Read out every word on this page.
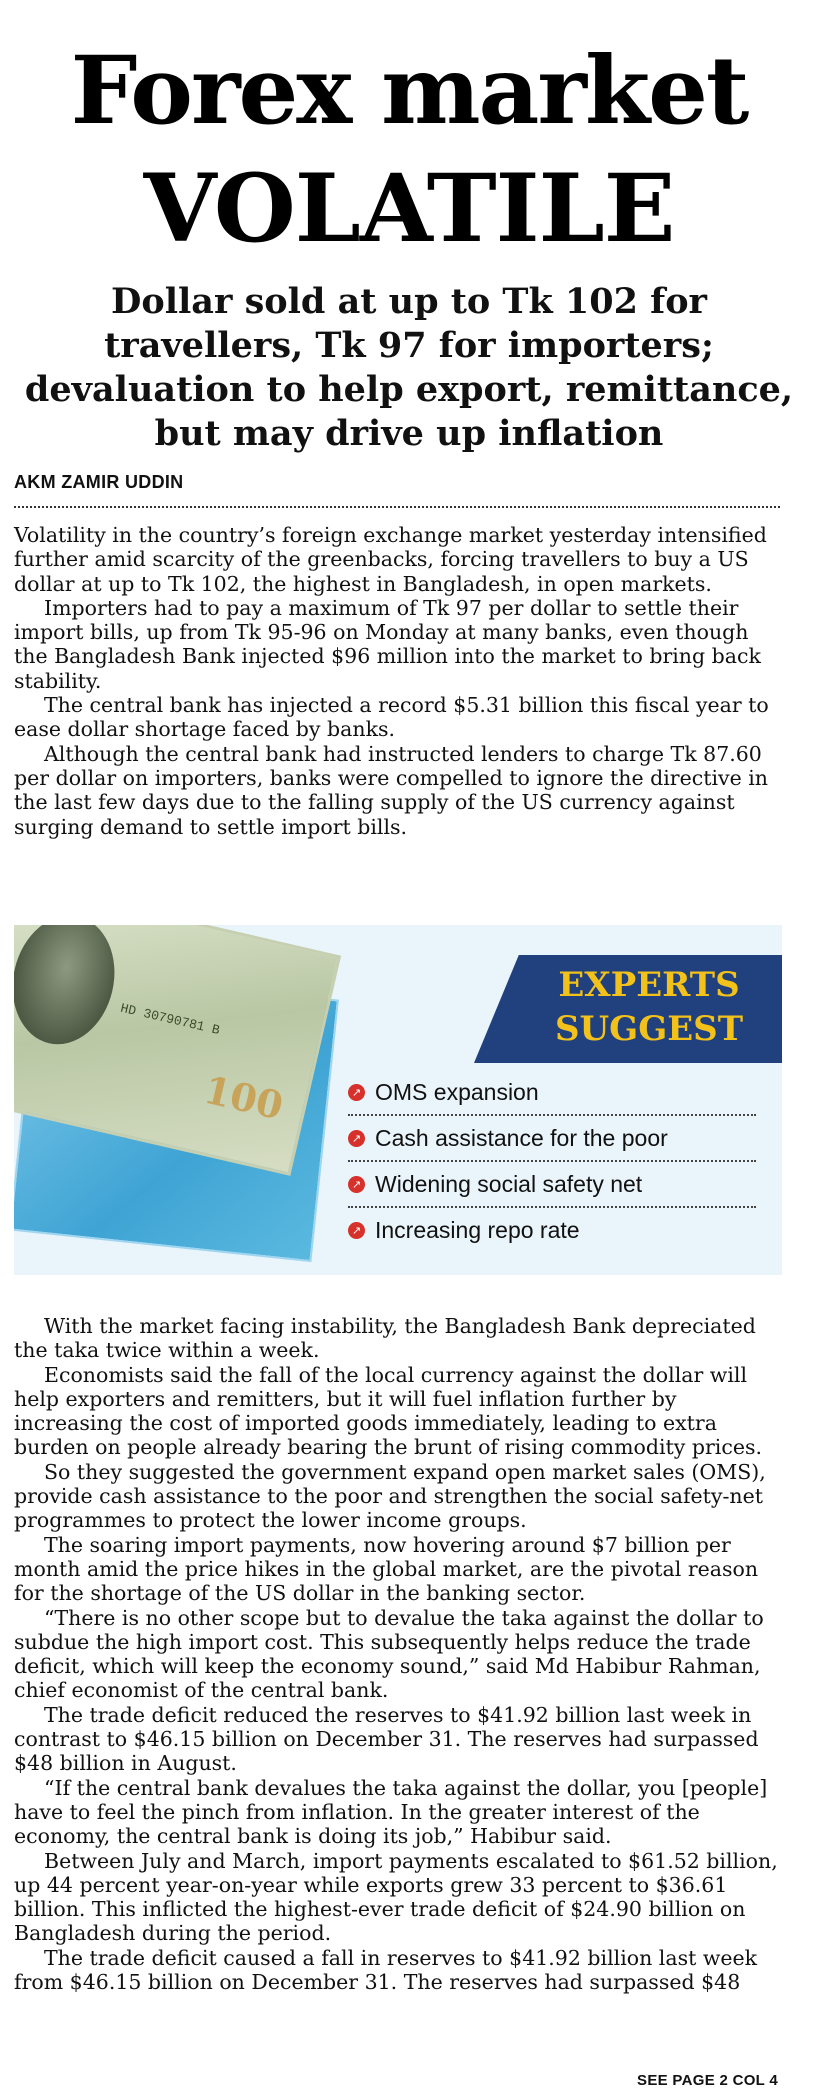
Forex market
VOLATILE
Dollar sold at up to Tk 102 for travellers, Tk 97 for importers; devaluation to help export, remittance, but may drive up inflation
AKM ZAMIR UDDIN

Volatility in the country’s foreign exchange market yesterday intensified further amid scarcity of the greenbacks, forcing travellers to buy a US dollar at up to Tk 102, the highest in Bangladesh, in open markets.

Importers had to pay a maximum of Tk 97 per dollar to settle their import bills, up from Tk 95-96 on Monday at many banks, even though the Bangladesh Bank injected $96 million into the market to bring back stability.

The central bank has injected a record $5.31 billion this fiscal year to ease dollar shortage faced by banks.

Although the central bank had instructed lenders to charge Tk 87.60 per dollar on importers, banks were compelled to ignore the directive in the last few days due to the falling supply of the US currency against surging demand to settle import bills.

HD 30790781 B
100
EXPERTS
SUGGEST
↗ OMS expansion
↗ Cash assistance for the poor
↗ Widening social safety net
↗ Increasing repo rate

With the market facing instability, the Bangladesh Bank depreciated the taka twice within a week.

Economists said the fall of the local currency against the dollar will help exporters and remitters, but it will fuel inflation further by increasing the cost of imported goods immediately, leading to extra burden on people already bearing the brunt of rising commodity prices.

So they suggested the government expand open market sales (OMS), provide cash assistance to the poor and strengthen the social safety-net programmes to protect the lower income groups.

The soaring import payments, now hovering around $7 billion per month amid the price hikes in the global market, are the pivotal reason for the shortage of the US dollar in the banking sector.

“There is no other scope but to devalue the taka against the dollar to subdue the high import cost. This subsequently helps reduce the trade deficit, which will keep the economy sound,” said Md Habibur Rahman, chief economist of the central bank.

The trade deficit reduced the reserves to $41.92 billion last week in contrast to $46.15 billion on December 31. The reserves had surpassed $48 billion in August.

“If the central bank devalues the taka against the dollar, you [people] have to feel the pinch from inflation. In the greater interest of the economy, the central bank is doing its job,” Habibur said.

Between July and March, import payments escalated to $61.52 billion, up 44 percent year-on-year while exports grew 33 percent to $36.61 billion. This inflicted the highest-ever trade deficit of $24.90 billion on Bangladesh during the period.

The trade deficit caused a fall in reserves to $41.92 billion last week from $46.15 billion on December 31. The reserves had surpassed $48

SEE PAGE 2 COL 4
